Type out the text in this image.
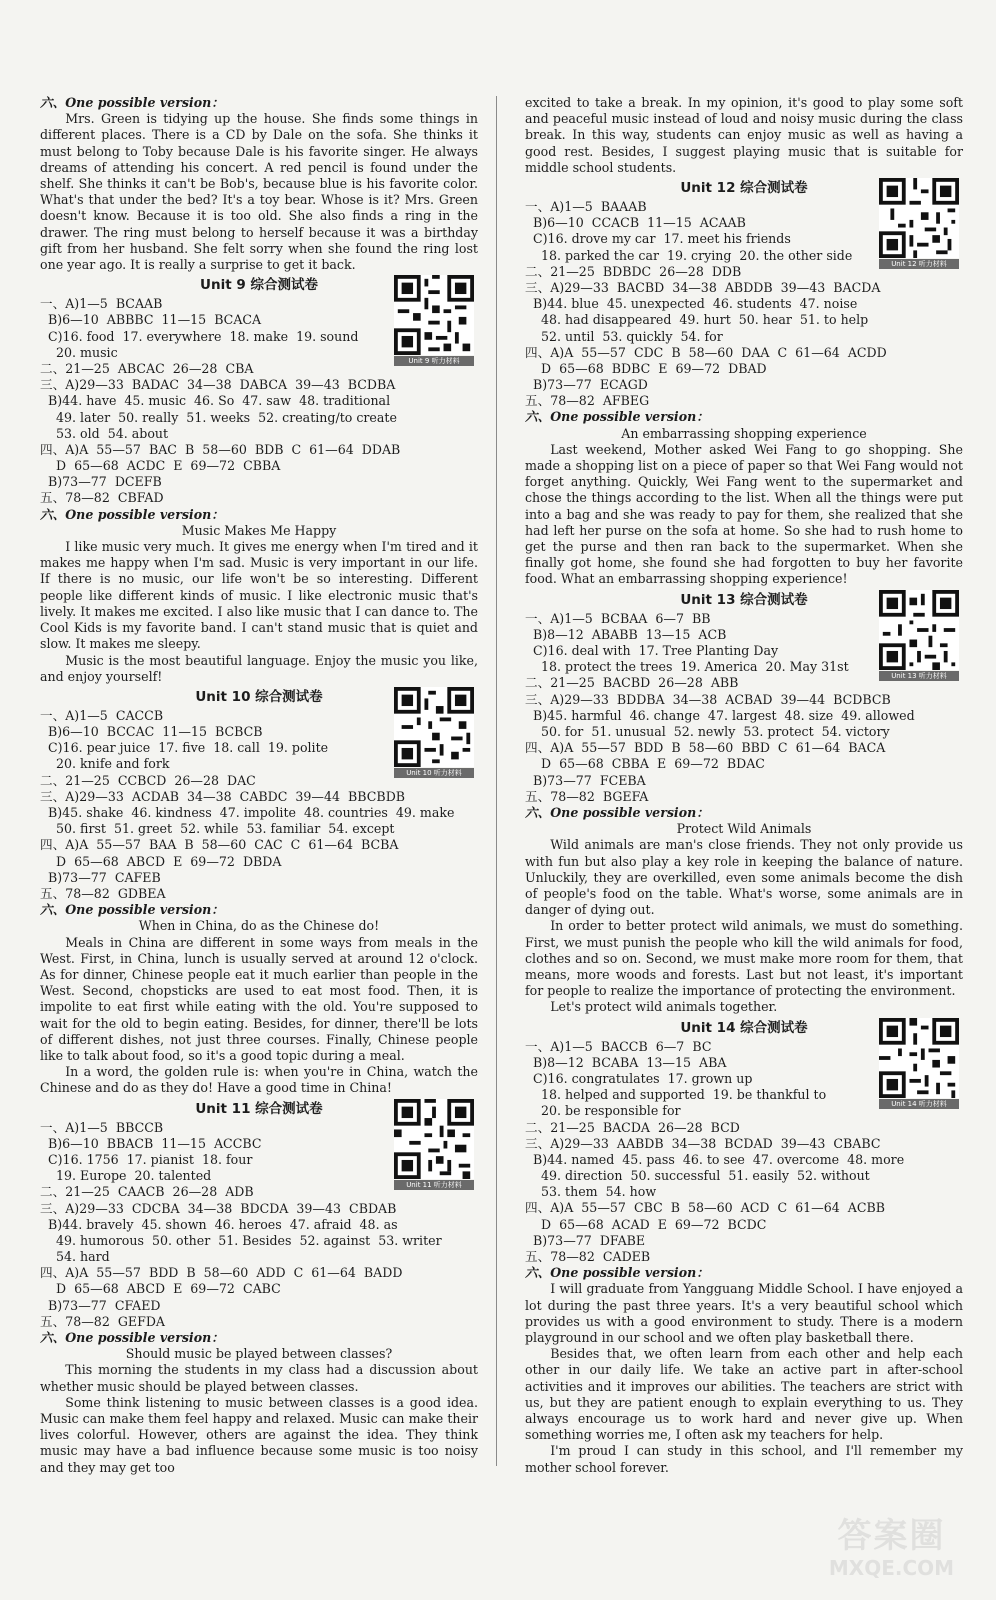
六、One possible version：

Mrs. Green is tidying up the house. She finds some things in different places. There is a CD by Dale on the sofa. She thinks it must belong to Toby because Dale is his favorite singer. He always dreams of attending his concert. A red pencil is found under the shelf. She thinks it can't be Bob's, because blue is his favorite color. What's that under the bed? It's a toy bear. Whose is it? Mrs. Green doesn't know. Because it is too old. She also finds a ring in the drawer. The ring must belong to herself because it was a birthday gift from her husband. She felt sorry when she found the ring lost one year ago. It is really a surprise to get it back.

Unit 9 听力材料

Unit 9 综合测试卷

一、A)1—5  BCAAB

B)6—10  ABBBC  11—15  BCACA

C)16. food  17. everywhere  18. make  19. sound

20. music

二、21—25  ABCAC  26—28  CBA

三、A)29—33  BADAC  34—38  DABCA  39—43  BCDBA

B)44. have  45. music  46. So  47. saw  48. traditional

49. later  50. really  51. weeks  52. creating/to create

53. old  54. about

四、A)A  55—57  BAC  B  58—60  BDB  C  61—64  DDAB

D  65—68  ACDC  E  69—72  CBBA

B)73—77  DCEFB

五、78—82  CBFAD

六、One possible version：

Music Makes Me Happy

I like music very much. It gives me energy when I'm tired and it makes me happy when I'm sad. Music is very important in our life. If there is no music, our life won't be so interesting. Different people like different kinds of music. I like electronic music that's lively. It makes me excited. I also like music that I can dance to. The Cool Kids is my favorite band. I can't stand music that is quiet and slow. It makes me sleepy.

Music is the most beautiful language. Enjoy the music you like, and enjoy yourself!

Unit 10 听力材料

Unit 10 综合测试卷

一、A)1—5  CACCB

B)6—10  BCCAC  11—15  BCBCB

C)16. pear juice  17. five  18. call  19. polite

20. knife and fork

二、21—25  CCBCD  26—28  DAC

三、A)29—33  ACDAB  34—38  CABDC  39—44  BBCBDB

B)45. shake  46. kindness  47. impolite  48. countries  49. make

50. first  51. greet  52. while  53. familiar  54. except

四、A)A  55—57  BAA  B  58—60  CAC  C  61—64  BCBA

D  65—68  ABCD  E  69—72  DBDA

B)73—77  CAFEB

五、78—82  GDBEA

六、One possible version：

When in China, do as the Chinese do!

Meals in China are different in some ways from meals in the West. First, in China, lunch is usually served at around 12 o'clock. As for dinner, Chinese people eat it much earlier than people in the West. Second, chopsticks are used to eat most food. Then, it is impolite to eat first while eating with the old. You're supposed to wait for the old to begin eating. Besides, for dinner, there'll be lots of different dishes, not just three courses. Finally, Chinese people like to talk about food, so it's a good topic during a meal.

In a word, the golden rule is: when you're in China, watch the Chinese and do as they do! Have a good time in China!

Unit 11 听力材料

Unit 11 综合测试卷

一、A)1—5  BBCCB

B)6—10  BBACB  11—15  ACCBC

C)16. 1756  17. pianist  18. four

19. Europe  20. talented

二、21—25  CAACB  26—28  ADB

三、A)29—33  CDCBA  34—38  BDCDA  39—43  CBDAB

B)44. bravely  45. shown  46. heroes  47. afraid  48. as

49. humorous  50. other  51. Besides  52. against  53. writer

54. hard

四、A)A  55—57  BDD  B  58—60  ADD  C  61—64  BADD

D  65—68  ABCD  E  69—72  CABC

B)73—77  CFAED

五、78—82  GEFDA

六、One possible version：

Should music be played between classes?

This morning the students in my class had a discussion about whether music should be played between classes.

Some think listening to music between classes is a good idea. Music can make them feel happy and relaxed. Music can make their lives colorful. However, others are against the idea. They think music may have a bad influence because some music is too noisy and they may get too

excited to take a break. In my opinion, it's good to play some soft and peaceful music instead of loud and noisy music during the class break. In this way, students can enjoy music as well as having a good rest. Besides, I suggest playing music that is suitable for middle school students.

Unit 12 听力材料

Unit 12 综合测试卷

一、A)1—5  BAAAB

B)6—10  CCACB  11—15  ACAAB

C)16. drove my car  17. meet his friends

18. parked the car  19. crying  20. the other side

二、21—25  BDBDC  26—28  DDB

三、A)29—33  BACBD  34—38  ABDDB  39—43  BACDA

B)44. blue  45. unexpected  46. students  47. noise

48. had disappeared  49. hurt  50. hear  51. to help

52. until  53. quickly  54. for

四、A)A  55—57  CDC  B  58—60  DAA  C  61—64  ACDD

D  65—68  BDBC  E  69—72  DBAD

B)73—77  ECAGD

五、78—82  AFBEG

六、One possible version：

An embarrassing shopping experience

Last weekend, Mother asked Wei Fang to go shopping. She made a shopping list on a piece of paper so that Wei Fang would not forget anything. Quickly, Wei Fang went to the supermarket and chose the things according to the list. When all the things were put into a bag and she was ready to pay for them, she realized that she had left her purse on the sofa at home. So she had to rush home to get the purse and then ran back to the supermarket. When she finally got home, she found she had forgotten to buy her favorite food. What an embarrassing shopping experience!

Unit 13 听力材料

Unit 13 综合测试卷

一、A)1—5  BCBAA  6—7  BB

B)8—12  ABABB  13—15  ACB

C)16. deal with  17. Tree Planting Day

18. protect the trees  19. America  20. May 31st

二、21—25  BACBD  26—28  ABB

三、A)29—33  BDDBA  34—38  ACBAD  39—44  BCDBCB

B)45. harmful  46. change  47. largest  48. size  49. allowed

50. for  51. unusual  52. newly  53. protect  54. victory

四、A)A  55—57  BDD  B  58—60  BBD  C  61—64  BACA

D  65—68  CBBA  E  69—72  BDAC

B)73—77  FCEBA

五、78—82  BGEFA

六、One possible version：

Protect Wild Animals

Wild animals are man's close friends. They not only provide us with fun but also play a key role in keeping the balance of nature. Unluckily, they are overkilled, even some animals become the dish of people's food on the table. What's worse, some animals are in danger of dying out.

In order to better protect wild animals, we must do something. First, we must punish the people who kill the wild animals for food, clothes and so on. Second, we must make more room for them, that means, more woods and forests. Last but not least, it's important for people to realize the importance of protecting the environment.

Let's protect wild animals together.

Unit 14 听力材料

Unit 14 综合测试卷

一、A)1—5  BACCB  6—7  BC

B)8—12  BCABA  13—15  ABA

C)16. congratulates  17. grown up

18. helped and supported  19. be thankful to

20. be responsible for

二、21—25  BACDA  26—28  BCD

三、A)29—33  AABDB  34—38  BCDAD  39—43  CBABC

B)44. named  45. pass  46. to see  47. overcome  48. more

49. direction  50. successful  51. easily  52. without

53. them  54. how

四、A)A  55—57  CBC  B  58—60  ACD  C  61—64  ACBB

D  65—68  ACAD  E  69—72  BCDC

B)73—77  DFABE

五、78—82  CADEB

六、One possible version：

I will graduate from Yangguang Middle School. I have enjoyed a lot during the past three years. It's a very beautiful school which provides us with a good environment to study. There is a modern playground in our school and we often play basketball there.

Besides that, we often learn from each other and help each other in our daily life. We take an active part in after-school activities and it improves our abilities. The teachers are strict with us, but they are patient enough to explain everything to us. They always encourage us to work hard and never give up. When something worries me, I often ask my teachers for help.

I'm proud I can study in this school, and I'll remember my mother school forever.

答案圈
MXQE.COM
